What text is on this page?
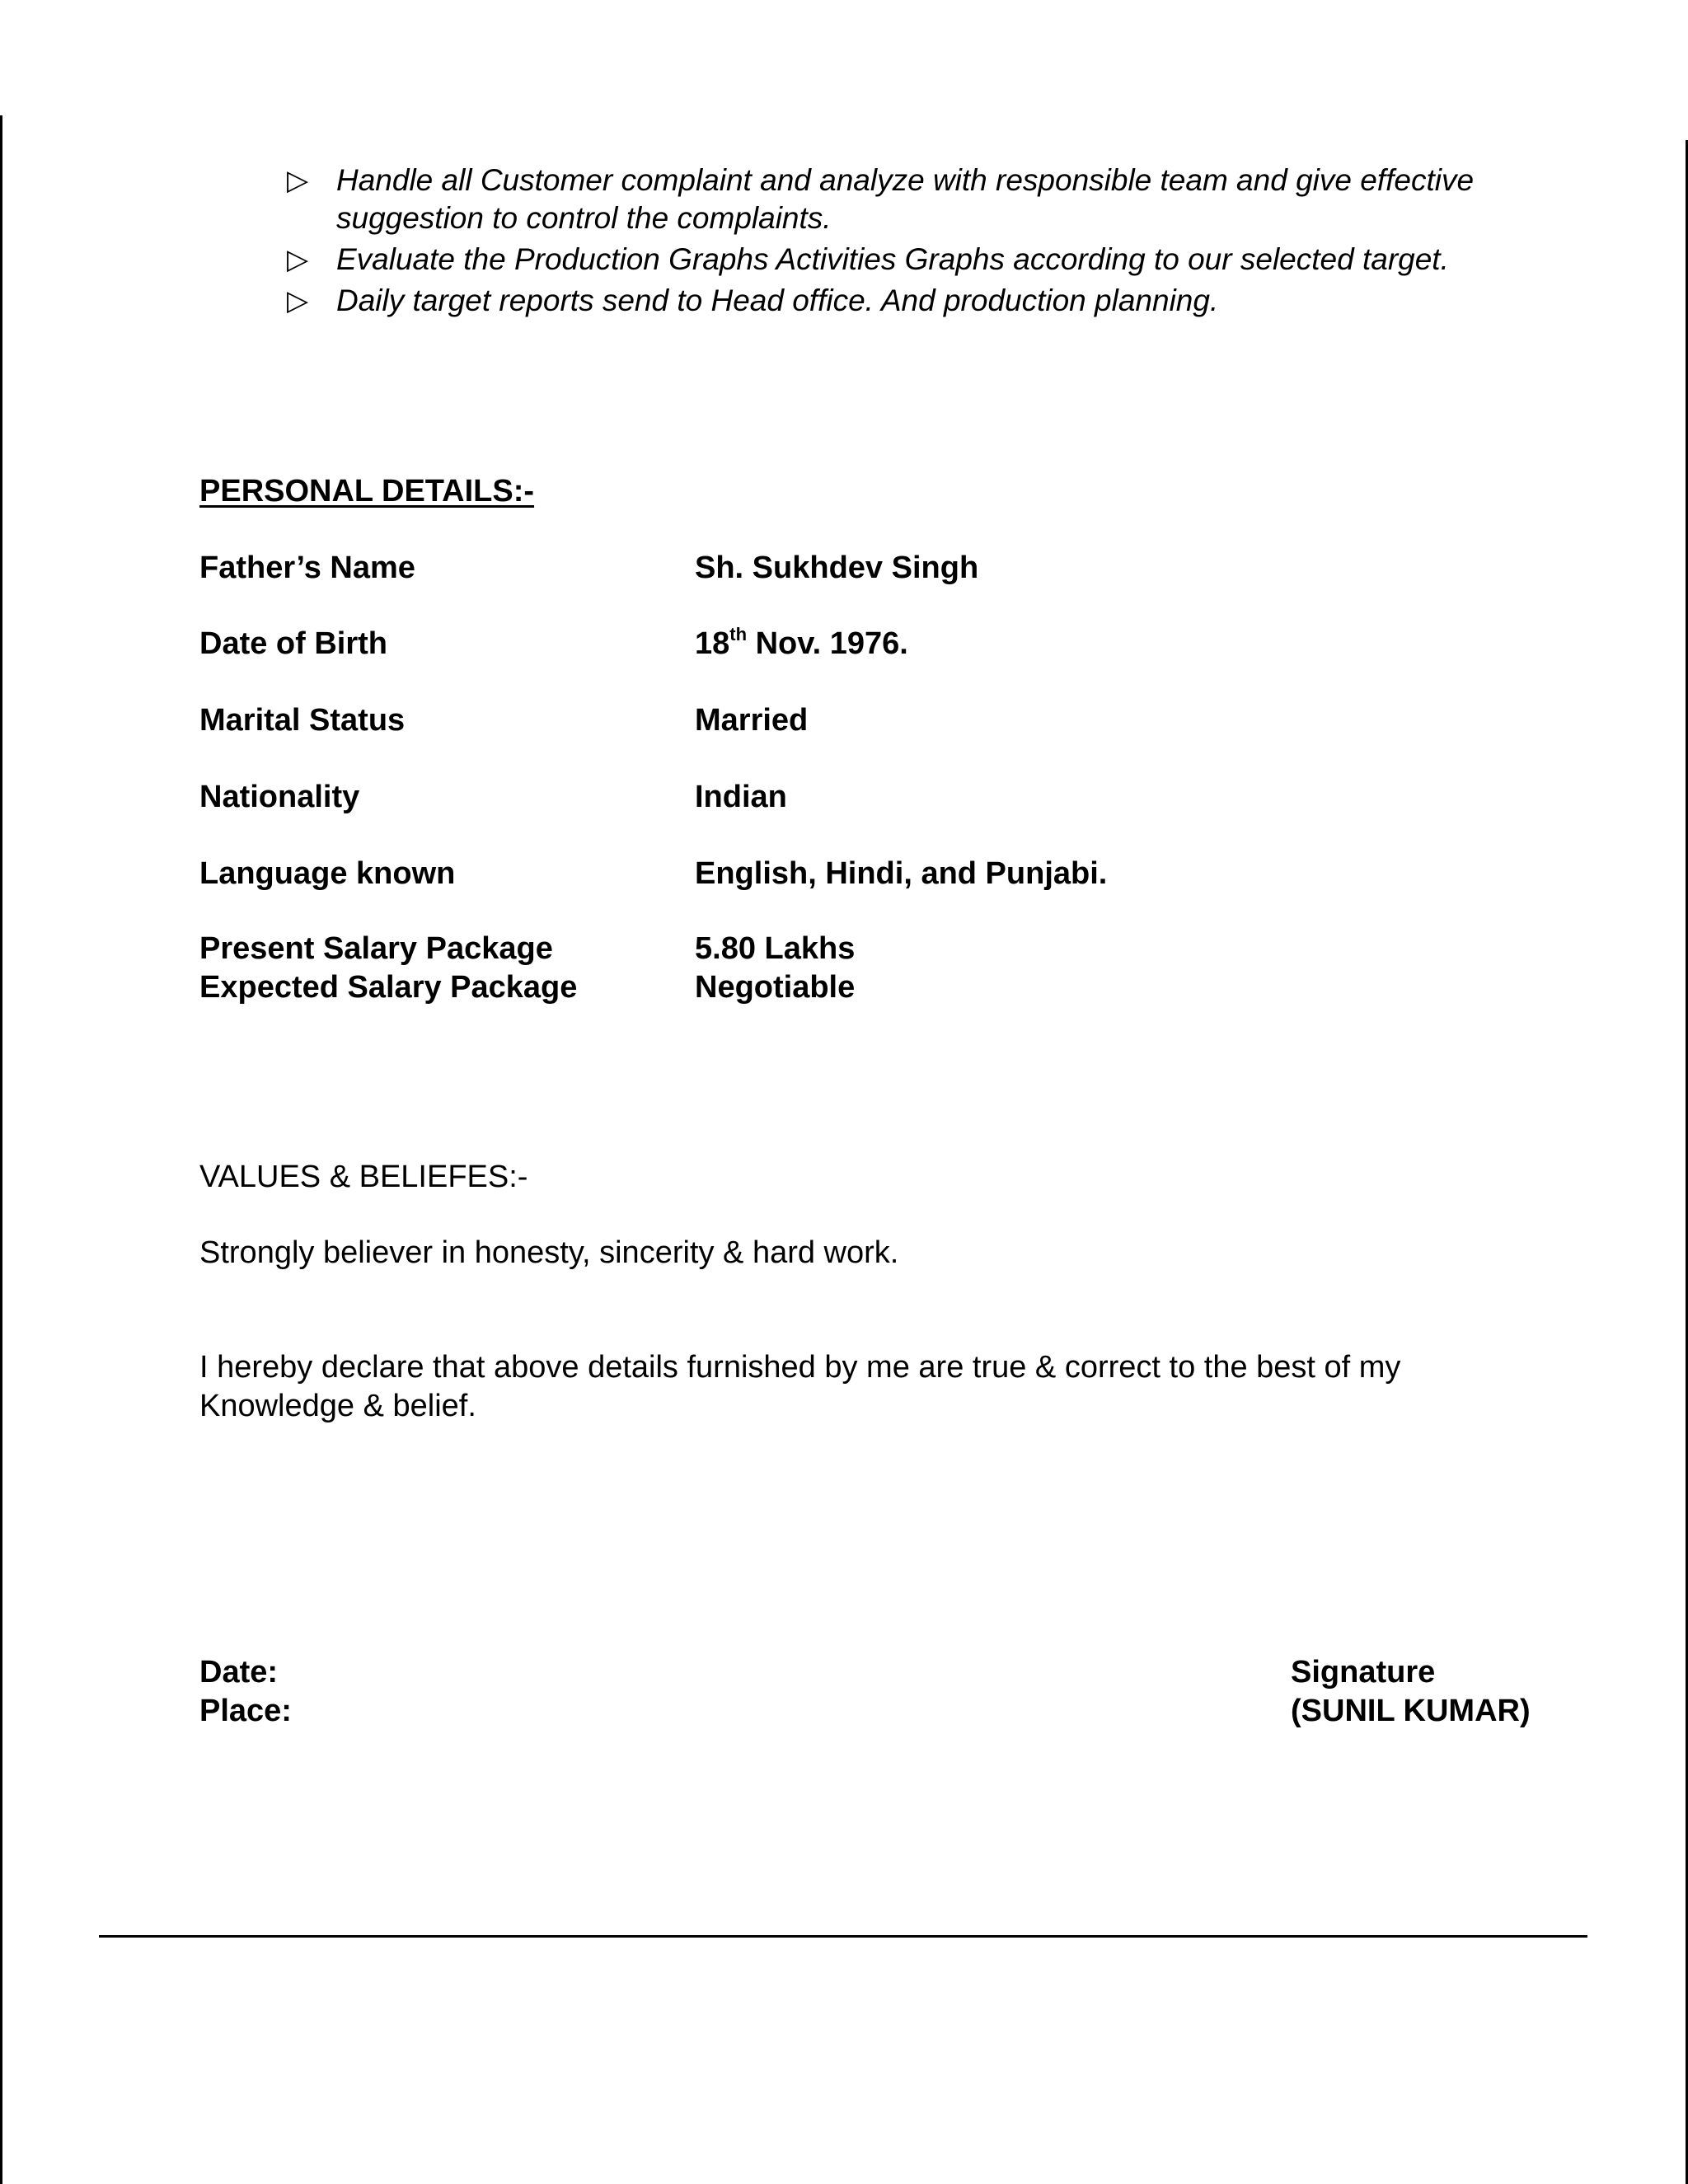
▷ Handle all Customer complaint and analyze with responsible team and give effective suggestion to control the complaints.
▷ Evaluate the Production Graphs Activities Graphs according to our selected target.
▷ Daily target reports send to Head office. And production planning.

PERSONAL DETAILS:-

Father’s Name	Sh. Sukhdev Singh

Date of Birth	18th Nov. 1976.

Marital Status	Married

Nationality	Indian

Language known	English, Hindi, and Punjabi.

Present Salary Package	5.80 Lakhs

Expected Salary Package	Negotiable

VALUES & BELIEFES:-

Strongly believer in honesty, sincerity & hard work.

I hereby declare that above details furnished by me are true & correct to the best of my Knowledge & belief.

Date:

Place:

Signature

(SUNIL KUMAR)
